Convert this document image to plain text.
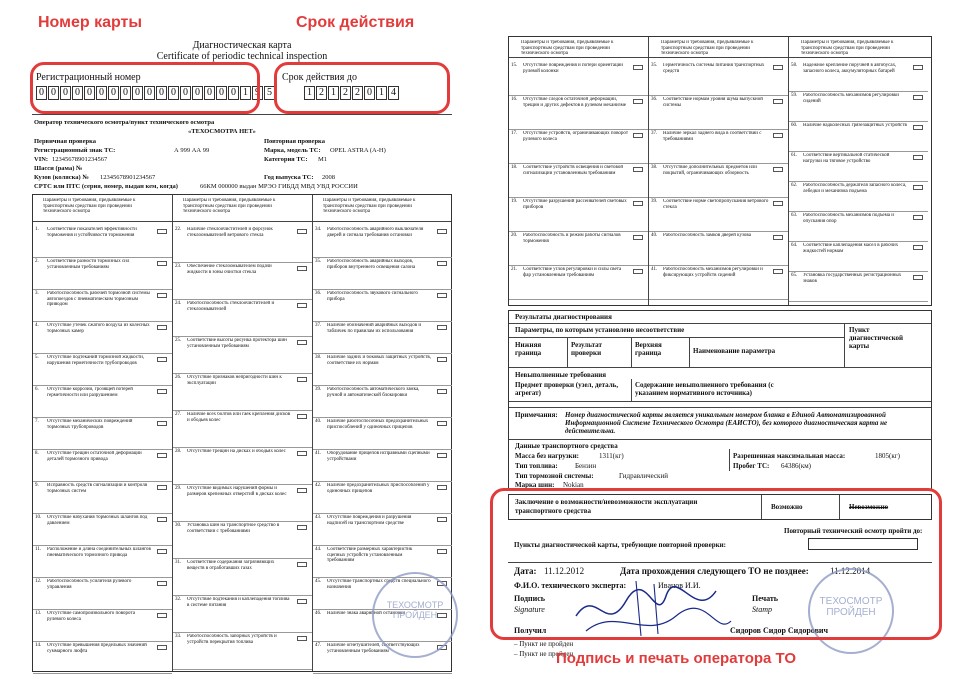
Диагностическая карта
Certificate of periodic technical inspection
Регистрационный номер
0 0 0 0 0 0 0 0 0 0 0 0 0 0 0 0 0 1 9 5
Срок действия до
1 2 1 2 2 0 1 4
Оператор технического осмотра/пункт технического осмотра
«ТЕХОСМОТРА НЕТ»
Первичная проверка	Повторная проверка
Регистрационный знак ТС:	А 999 АА 99	Марка, модель ТС: OPEL ASTRA (A-H)
VIN: 12345678901234567	Категория ТС: M1
Шасси (рама) №
Кузов (коляска) № 12345678901234567	Год выпуска ТС: 2008
СРТС или ПТС (серия, номер, выдан кем, когда)	66КМ 000000 выдан МРЭО ГИБДД МВД УВД РОССИИ
Параметры и требования, предъявляемые к транспортным средствам при проведении технического осмотра
Параметры и требования, предъявляемые к транспортным средствам при проведении технического осмотра
Параметры и требования, предъявляемые к транспортным средствам при проведении технического осмотра
1. Соответствие показателей эффективности торможения и устойчивости торможения
2. Соответствие разности тормозных сил установленным требованиям
3. Работоспособность рабочей тормозной системы автопоездов с пневматическим тормозным приводом
4. Отсутствие утечек сжатого воздуха из колесных тормозных камер
5. Отсутствие подтеканий тормозной жидкости, нарушения герметичности трубопроводов
6. Отсутствие коррозии, грозящей потерей герметичности или разрушением
7. Отсутствие механических повреждений тормозных трубопроводов
8. Отсутствие трещин остаточной деформации деталей тормозного привода
9. Исправность средств сигнализации и контроля тормозных систем
10. Отсутствие набухания тормозных шлангов под давлением
11. Расположение и длина соединительных шлангов пневматического тормозного привода
12. Работоспособность усилителя рулевого управления
13. Отсутствие самопроизвольного поворота рулевого колеса
14. Отсутствие превышения предельных значений суммарного люфта
22. Наличие стеклоочистителей и форсунок стеклоомывателей ветрового стекла
23. Обеспечение стеклоомывателем подачи жидкости в зоны очистки стекла
24. Работоспособность стеклоочистителей и стеклоомывателей
25. Соответствие высоты рисунка протектора шин установленным требованиям
26. Отсутствие признаков непригодности шин к эксплуатации
27. Наличие всех болтов или гаек крепления дисков и ободьев колес
28. Отсутствие трещин на дисках и ободьях колес
29. Отсутствие видимых нарушений формы и размеров крепежных отверстий в дисках колес
30. Установка шин на транспортное средство в соответствии с требованиями
31. Соответствие содержания загрязняющих веществ в отработавших газах
32. Отсутствие подтекания и каплепадения топлива в системе питания
33. Работоспособность запорных устройств и устройств перекрытия топлива
34. Работоспособность аварийного выключателя дверей и сигнала требования остановки
35. Работоспособность аварийных выходов, приборов внутреннего освещения салона
36. Работоспособность звукового сигнального прибора
37. Наличие обозначений аварийных выходов и табличек по правилам их использования
38. Наличие задних и боковых защитных устройств, соответствие их нормам
39. Работоспособность автоматического замка, ручной и автоматической блокировки
40. Наличие работоспособных предохранительных приспособлений у одиночных прицепов
41. Оборудование прицепов исправными сцепными устройствами
42. Наличие предохранительных приспособлений у одиночных прицепов
43. Отсутствие повреждения и разрушения надписей на транспортном средстве
44. Соответствие размерных характеристик сцепных устройств установленным требованиям
45. Отсутствие транспортных средств специального назначения
46. Наличие знака аварийной остановки
47. Наличие огнетушителей, соответствующих установленным требованиям
ТЕХОСМОТР
ПРОЙДЕН
Параметры и требования, предъявляемые к транспортным средствам при проведении технического осмотра
Параметры и требования, предъявляемые к транспортным средствам при проведении технического осмотра
Параметры и требования, предъявляемые к транспортным средствам при проведении технического осмотра
15. Отсутствие повреждения и потери ориентации рулевой колонки
16. Отсутствие следов остаточной деформации, трещин и других дефектов в рулевом механизме
17. Отсутствие устройств, ограничивающих поворот рулевого колеса
18. Соответствие устройств освещения и световой сигнализации установленным требованиям
19. Отсутствие разрушений рассеивателей световых приборов
20. Работоспособность и режим работы сигналов торможения
21. Соответствие углов регулировки и силы света фар установленным требованиям
35. Герметичность системы питания транспортных средств
36. Соответствие нормам уровня шума выпускной системы
37. Наличие зеркал заднего вида в соответствии с требованиями
38. Отсутствие дополнительных предметов или покрытий, ограничивающих обзорность
39. Соответствие норме светопропускания ветрового стекла
40. Работоспособность замков дверей кузова
41. Работоспособность механизмов регулировки и фиксирующих устройств сидений
58. Надежное крепление поручней в автобусах, запасного колеса, аккумуляторных батарей
59. Работоспособность механизмов регулировки сидений
60. Наличие надколесных грязезащитных устройств
61. Соответствие вертикальной статической нагрузки на тяговое устройство
62. Работоспособность держателя запасного колеса, лебедки и механизма подъема
63. Работоспособность механизмов подъема и опускания опор
64. Соответствие каплепадения масел в рабочих жидкостей нормам
65. Установка государственных регистрационных знаков
Результаты диагностирования
Параметры, по которым установлено несоответствие	Пункт диагностической карты
Нижняя граница
Результат проверки
Верхняя граница	Наименование параметра
Невыполненные требования
Предмет проверки (узел, деталь, агрегат)
Содержание невыполненного требования (с указанием нормативного источника)
Примечания: Номер диагностической карты является уникальным номером бланка в Единой Автоматизированной Информационной Системе Технического Осмотра (ЕАИСТО), без которого диагностическая карта не действительна.
Данные транспортного средства
Масса без нагрузки:	1311(кг)	Разрешенная максимальная масса:	1805(кг)
Тип топлива: Бензин	Пробег ТС: 64386(км)
Тип тормозной системы:	Гидравлический
Марка шин: Nokian
Заключение о возможности/невозможности эксплуатации транспортного средства	Возможно	Невозможно
Повторный технический осмотр пройти до:
Пункты диагностической карты, требующие повторной проверки:
Дата: 11.12.2012	Дата прохождения следующего ТО не позднее: 11.12.2014
Ф.И.О. технического эксперта:	Иванов И.И.
Подпись
Signature
Печать
Stamp
Получил	Сидоров Сидор Сидорович
– Пункт не пройден
– Пункт не пройден
ТЕХОСМОТР
ПРОЙДЕН
Номер карты	Срок действия
Подпись и печать оператора ТО
